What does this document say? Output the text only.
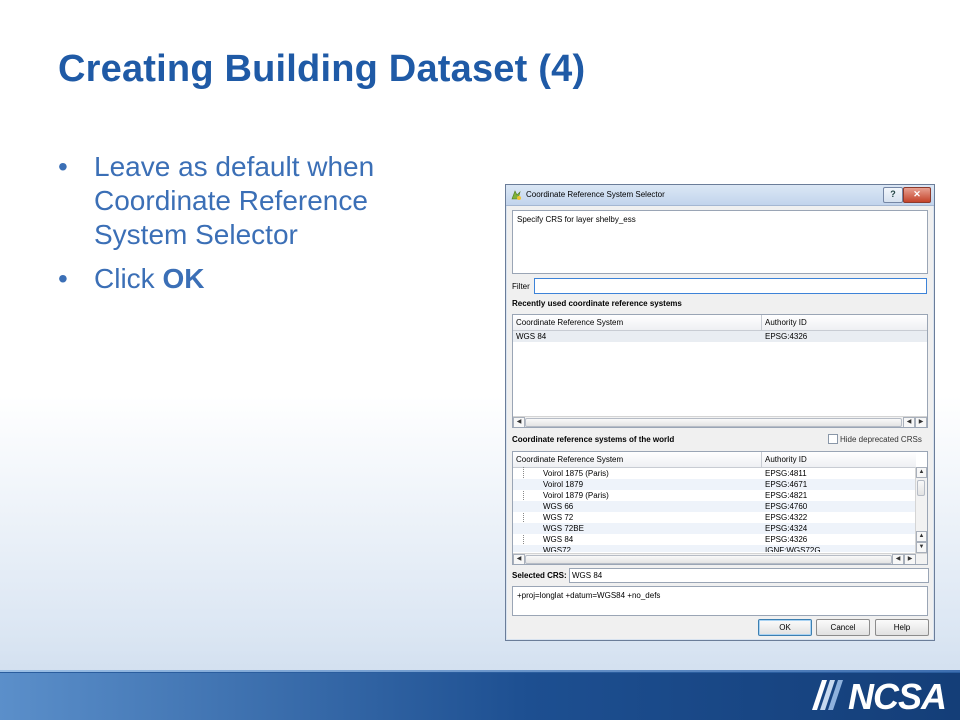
Creating Building Dataset (4)
• Leave as default when Coordinate Reference System Selector
• Click OK
Coordinate Reference System Selector	?	✕
Specify CRS for layer shelby_ess
Filter
Recently used coordinate reference systems
Coordinate Reference System	Authority ID
WGS 84	EPSG:4326
◀	◀	▶
Coordinate reference systems of the world	Hide deprecated CRSs
Coordinate Reference System	Authority ID
Voirol 1875 (Paris)	EPSG:4811
Voirol 1879	EPSG:4671
Voirol 1879 (Paris)	EPSG:4821
WGS 66	EPSG:4760
WGS 72	EPSG:4322
WGS 72BE	EPSG:4324
WGS 84	EPSG:4326
WGS72	IGNF:WGS72G
▲
▲
▼
◀	◀	▶
Selected CRS:
WGS 84
+proj=longlat +datum=WGS84 +no_defs
OK	Cancel	Help
NCSA
